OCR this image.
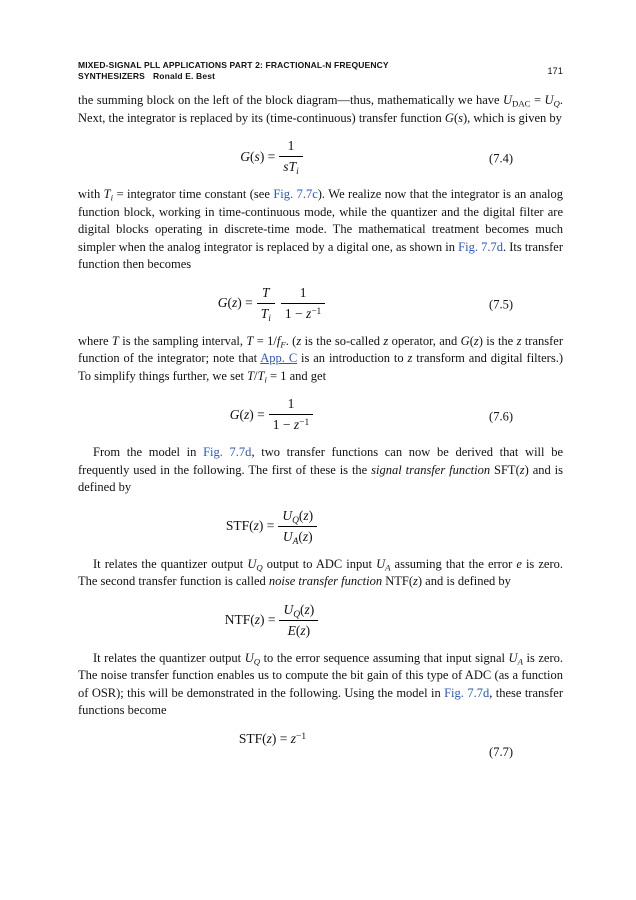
MIXED-SIGNAL PLL APPLICATIONS PART 2: FRACTIONAL-N FREQUENCY
SYNTHESIZERS Ronald E. Best
171

the summing block on the left of the block diagram—thus, mathematically we have $U_{DAC} = U_Q$. Next, the integrator is replaced by its (time-continuous) transfer function G(s), which is given by

$G(s) = \frac{1}{sT_i}$	(7.4)

with $T_i$ = integrator time constant (see Fig. 7.7c). We realize now that the integrator is an analog function block, working in time-continuous mode, while the quantizer and the digital filter are digital blocks operating in discrete-time mode. The mathematical treatment becomes much simpler when the analog integrator is replaced by a digital one, as shown in Fig. 7.7d. Its transfer function then becomes

$G(z) = \frac{T}{T_i} \frac{1}{1 - z^{-1}}$	(7.5)

where T is the sampling interval, $T = 1/f_F$. (z is the so-called z operator, and G(z) is the z transfer function of the integrator; note that App. C is an introduction to z transform and digital filters.) To simplify things further, we set $T/T_i = 1$ and get

$G(z) = \frac{1}{1 - z^{-1}}$	(7.6)

From the model in Fig. 7.7d, two transfer functions can now be derived that will be frequently used in the following. The first of these is the signal transfer function SFT(z) and is defined by

$STF(z) = \frac{U_Q(z)}{U_A(z)}$

It relates the quantizer output $U_Q$ output to ADC input $U_A$ assuming that the error e is zero. The second transfer function is called noise transfer function NTF(z) and is defined by

$NTF(z) = \frac{U_Q(z)}{E(z)}$

It relates the quantizer output $U_Q$ to the error sequence assuming that input signal $U_A$ is zero. The noise transfer function enables us to compute the bit gain of this type of ADC (as a function of OSR); this will be demonstrated in the following. Using the model in Fig. 7.7d, these transfer functions become

$STF(z) = z^{-1}$
(7.7)
